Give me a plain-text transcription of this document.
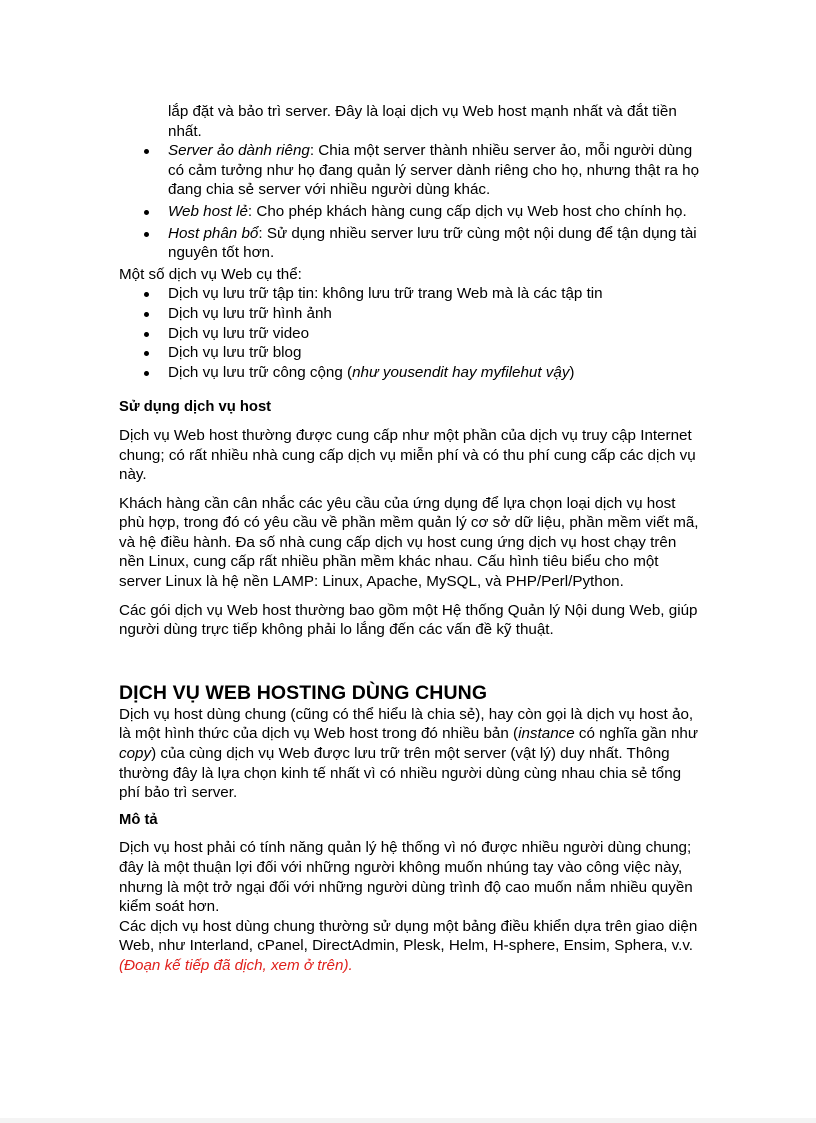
lắp đặt và bảo trì server. Đây là loại dịch vụ Web host mạnh nhất và đắt tiền nhất.

Server ảo dành riêng: Chia một server thành nhiều server ảo, mỗi người dùng có cảm tưởng như họ đang quản lý server dành riêng cho họ, nhưng thật ra họ đang chia sẻ server với nhiều người dùng khác.
Web host lẻ: Cho phép khách hàng cung cấp dịch vụ Web host cho chính họ.
Host phân bổ: Sử dụng nhiều server lưu trữ cùng một nội dung để tận dụng tài nguyên tốt hơn.

Một số dịch vụ Web cụ thể:

Dịch vụ lưu trữ tập tin: không lưu trữ trang Web mà là các tập tin
Dịch vụ lưu trữ hình ảnh
Dịch vụ lưu trữ video
Dịch vụ lưu trữ blog
Dịch vụ lưu trữ công cộng (như yousendit hay myfilehut vậy)
Sử dụng dịch vụ host

Dịch vụ Web host thường được cung cấp như một phần của dịch vụ truy cập Internet chung; có rất nhiều nhà cung cấp dịch vụ miễn phí và có thu phí cung cấp các dịch vụ này.

Khách hàng cần cân nhắc các yêu cầu của ứng dụng để lựa chọn loại dịch vụ host phù hợp, trong đó có yêu cầu về phần mềm quản lý cơ sở dữ liệu, phần mềm viết mã, và hệ điều hành. Đa số nhà cung cấp dịch vụ host cung ứng dịch vụ host chạy trên nền Linux, cung cấp rất nhiều phần mềm khác nhau. Cấu hình tiêu biểu cho một server Linux là hệ nền LAMP: Linux, Apache, MySQL, và PHP/Perl/Python.

Các gói dịch vụ Web host thường bao gồm một Hệ thống Quản lý Nội dung Web, giúp người dùng trực tiếp không phải lo lắng đến các vấn đề kỹ thuật.

DỊCH VỤ WEB HOSTING DÙNG CHUNG

Dịch vụ host dùng chung (cũng có thể hiểu là chia sẻ), hay còn gọi là dịch vụ host ảo, là một hình thức của dịch vụ Web host trong đó nhiều bản (instance có nghĩa gần như copy) của cùng dịch vụ Web được lưu trữ trên một server (vật lý) duy nhất. Thông thường đây là lựa chọn kinh tế nhất vì có nhiều người dùng cùng nhau chia sẻ tổng phí bảo trì server.

Mô tả

Dịch vụ host phải có tính năng quản lý hệ thống vì nó được nhiều người dùng chung; đây là một thuận lợi đối với những người không muốn nhúng tay vào công việc này, nhưng là một trở ngại đối với những người dùng trình độ cao muốn nắm nhiều quyền kiểm soát hơn.

Các dịch vụ host dùng chung thường sử dụng một bảng điều khiển dựa trên giao diện Web, như Interland, cPanel, DirectAdmin, Plesk, Helm, H-sphere, Ensim, Sphera, v.v. (Đoạn kế tiếp đã dịch, xem ở trên).
